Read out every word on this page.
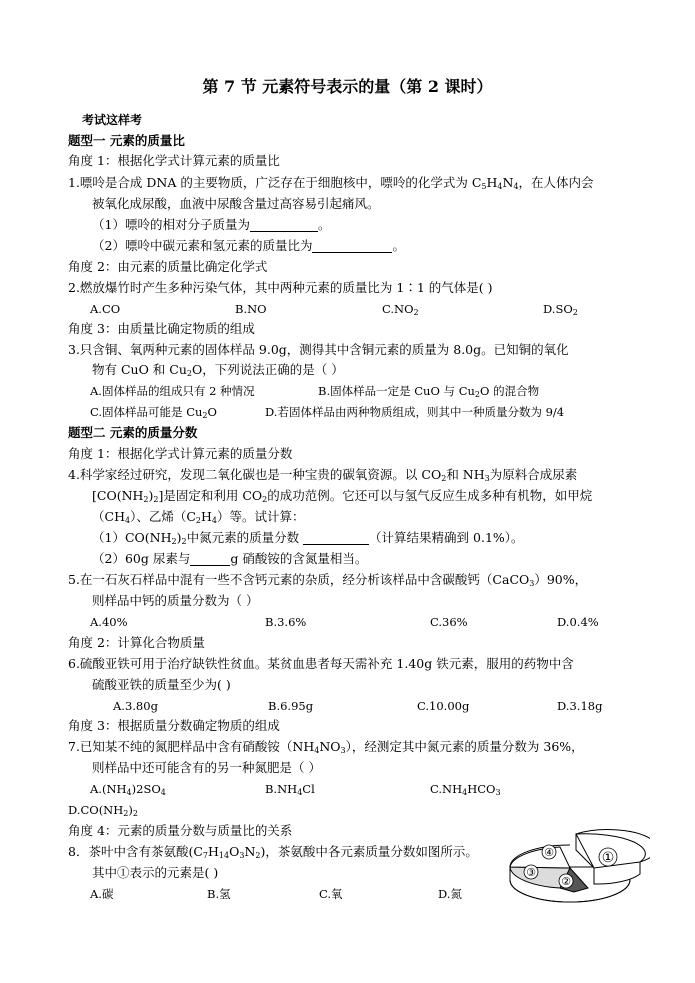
第 7 节 元素符号表示的量（第 2 课时）
考试这样考
题型一 元素的质量比
角度 1：根据化学式计算元素的质量比
1.嘌呤是合成 DNA 的主要物质，广泛存在于细胞核中，嘌呤的化学式为 $C_5H_4N_4$，在人体内会
被氧化成尿酸，血液中尿酸含量过高容易引起痛风。
（1）嘌呤的相对分子质量为	。
（2）嘌呤中碳元素和氢元素的质量比为	。
角度 2：由元素的质量比确定化学式
2.燃放爆竹时产生多种污染气体，其中两种元素的质量比为 1∶1 的气体是( )
A.CO	B.NO	$C.NO_2$	$D.SO_2$
角度 3：由质量比确定物质的组成
3.只含铜、氧两种元素的固体样品 9.0g，测得其中含铜元素的质量为 8.0g。已知铜的氧化
物有 CuO 和 $Cu_2O$，下列说法正确的是（ ）
A.固体样品的组成只有 2 种情况	B.固体样品一定是 CuO 与 $Cu_2O$ 的混合物
C.固体样品可能是 $Cu_2O$	D.若固体样品由两种物质组成，则其中一种质量分数为 9/4
题型二 元素的质量分数
角度 1：根据化学式计算元素的质量分数
4.科学家经过研究，发现二氧化碳也是一种宝贵的碳氧资源。以 $CO_2$和 $NH_3$为原料合成尿素
$[CO(NH_2)_2]$是固定和利用 $CO_2$的成功范例。它还可以与氢气反应生成多种有机物，如甲烷
$(CH_4)$、乙烯$(C_2H_4)$等。试计算：
$(1)CO(NH_2)_2$中氮元素的质量分数	（计算结果精确到 0.1%）。
（2）60g 尿素与	g 硝酸铵的含氮量相当。
5.在一石灰石样品中混有一些不含钙元素的杂质，经分析该样品中含碳酸钙（CaCO$_3$）90%，
则样品中钙的质量分数为（ ）
A.40%	B.3.6%	C.36%	D.0.4%
角度 2：计算化合物质量
6.硫酸亚铁可用于治疗缺铁性贫血。某贫血患者每天需补充 1.40g 铁元素，服用的药物中含
硫酸亚铁的质量至少为( )
A.3.80g	B.6.95g	C.10.00g	D.3.18g
角度 3：根据质量分数确定物质的组成
7.已知某不纯的氮肥样品中含有硝酸铵$(NH_4NO_3)$，经测定其中氮元素的质量分数为 36%，
则样品中还可能含有的另一种氮肥是（ ）
$A.(NH_4)2SO_4$	$B.NH_4Cl$	$C.NH_4HCO_3$
$D.CO(NH_2)_2$
角度 4：元素的质量分数与质量比的关系
8．茶叶中含有茶氨酸$(C_7H_{14}O_3N_2)$，茶氨酸中各元素质量分数如图所示。
其中①表示的元素是( )
A.碳	B.氢	C.氧	D.氮
①
②
③
④
